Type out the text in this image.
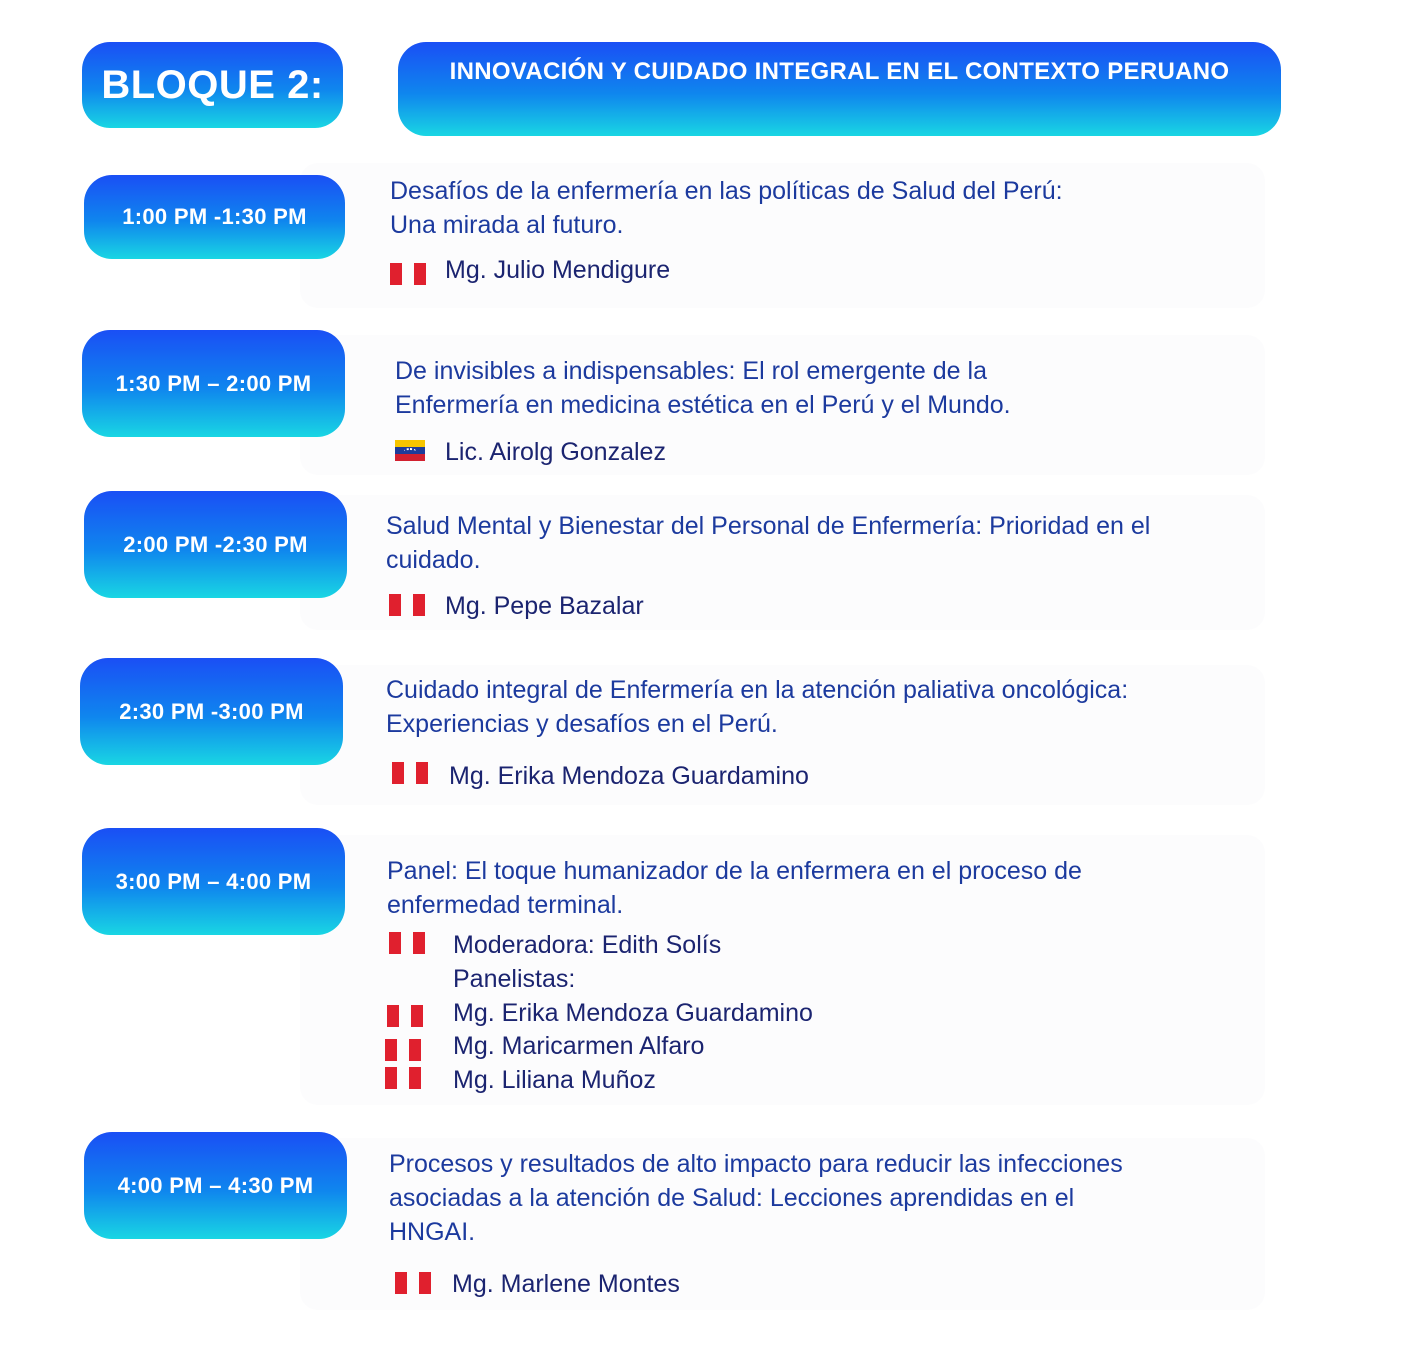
BLOQUE 2:	INNOVACIÓN Y CUIDADO INTEGRAL EN EL CONTEXTO PERUANO
1:00 PM -1:30 PM
Desafíos de la enfermería en las políticas de Salud del Perú:
Una mirada al futuro.
Mg. Julio Mendigure
1:30 PM – 2:00 PM	De invisibles a indispensables: El rol emergente de la
Enfermería en medicina estética en el Perú y el Mundo.
Lic. Airolg Gonzalez
2:00 PM -2:30 PM
Salud Mental y Bienestar del Personal de Enfermería: Prioridad en el
cuidado.
Mg. Pepe Bazalar
2:30 PM -3:00 PM
Cuidado integral de Enfermería en la atención paliativa oncológica:
Experiencias y desafíos en el Perú.
Mg. Erika Mendoza Guardamino
3:00 PM – 4:00 PM	Panel: El toque humanizador de la enfermera en el proceso de
enfermedad terminal.
Moderadora: Edith Solís
Panelistas:
Mg. Erika Mendoza Guardamino
Mg. Maricarmen Alfaro
Mg. Liliana Muñoz
4:00 PM – 4:30 PM
Procesos y resultados de alto impacto para reducir las infecciones
asociadas a la atención de Salud: Lecciones aprendidas en el
HNGAI.
Mg. Marlene Montes
